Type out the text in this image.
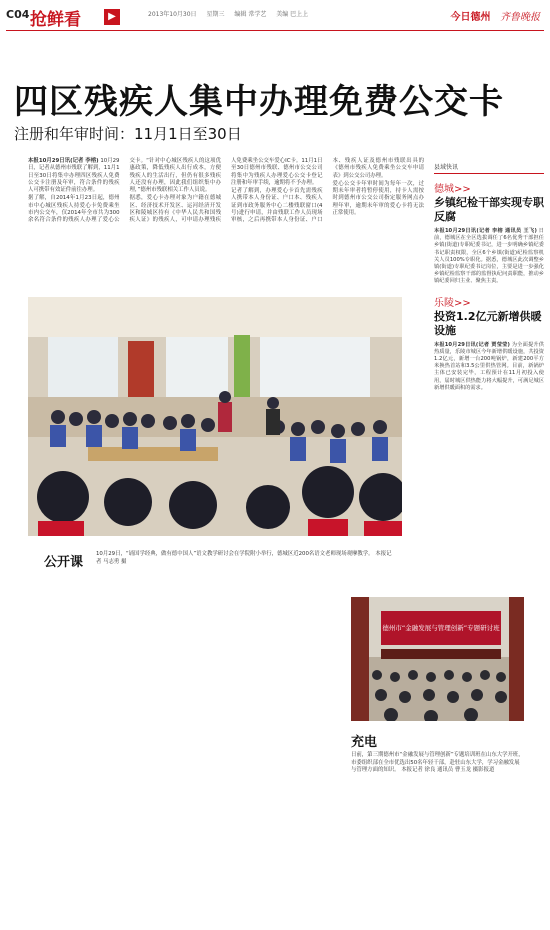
C04 抢鲜看	▶	2013年10月30日 星期三 编辑 常学艺 美编 巴上上	今日德州 齐鲁晚报
四区残疾人集中办理免费公交卡
注册和年审时间：11月1日至30日

本报10月29日讯(记者 李榕) 10月29日，记者从德州市残联了解到，11月1日至30日将集中办理四区残疾人免费公交卡注册及年审，符合条件的残疾人可携带有效证件前往办理。

据了解，自2014年1月23日起，德州市中心城区残疾人持爱心卡免费乘坐市内公交车，仅2014年全市共为300余名符合条件的残疾人办理了爱心公交卡。“针对中心城区残疾人的这项优惠政策，降低残疾人出行成本，方便残疾人的生活出行，但仍有很多残疾人还没有办理，因此我们组织集中办理，”德州市残联相关工作人员说。

据悉，爱心卡办理对象为户籍在德城区、经济技术开发区、运河经济开发区和陵城区持有《中华人民共和国残疾人证》的残疾人，可申请办理残疾人免费乘坐公交车爱心IC卡。11月1日至30日德州市残联、德州市公交公司将集中为残疾人办理爱心公交卡登记注册和年审手续，逾期将不予办理。

记者了解到，办理爱心卡首先需残疾人携带本人身份证、户口本、残疾人证到市政务服务中心二楼残联窗口(4号)进行申请，并由残联工作人员现场审核，之后再携带本人身份证、户口本、残疾人证及德州市残联出具的《德州市残疾人免费乘坐公交车申请表》到公交公司办理。

爱心公交卡年审时间为每年一次，过期未年审者将暂停使用，持卡人需按时到德州市公交公司指定服务网点办理年审，逾期未年审的爱心卡将无法正常使用。

公开课
10月29日，“诵国学经典，做有德中国人”语文教学研讨会在学院附小举行，德城区近200名语文老师现场观摩教学。 本报记者 马志勇 摄
县域快讯
德城>>
乡镇纪检干部实现专职反腐
本报10月29日讯(记者 李榕 通讯员 王飞) 日前，德城区在全区选拔调任了6名优秀干部担任乡镇(街道)专职纪委书记，进一步明确乡镇纪委书记职责权限，全区6个乡镇(街道)纪检监察机关人员100%专职化。据悉，德城区此次调整乡镇(街道)专职纪委书记岗位，主要是进一步强化乡镇纪检监察干部的监督执纪问责职能，推动乡镇纪委回归主业、聚焦主责。
乐陵>>
投资1.2亿元新增供暖设施
本报10月29日讯(记者 贾莹莹) 为全面提升供热质量，乐陵市城区今年新增供暖设施，共投资1.2亿元，新增一台200吨锅炉，新建200平方米换热首站和3.5公里供热管网。目前，新锅炉主体已安装完毕，工程预计在11月初投入使用，届时城区供热能力将大幅提升，可满足城区新增供暖面积的需求。
德州市“金融发展与管理创新”专题研讨班
充电
日前，第三期德州市“金融发展与管理创新”专题培训班在山东大学开班，市委组织部在全市优选出50名年轻干部，赴驻山东大学，学习金融发展与管理方面的知识。 本报记者 徐良 通讯员 曹玉龙 摄影报道
